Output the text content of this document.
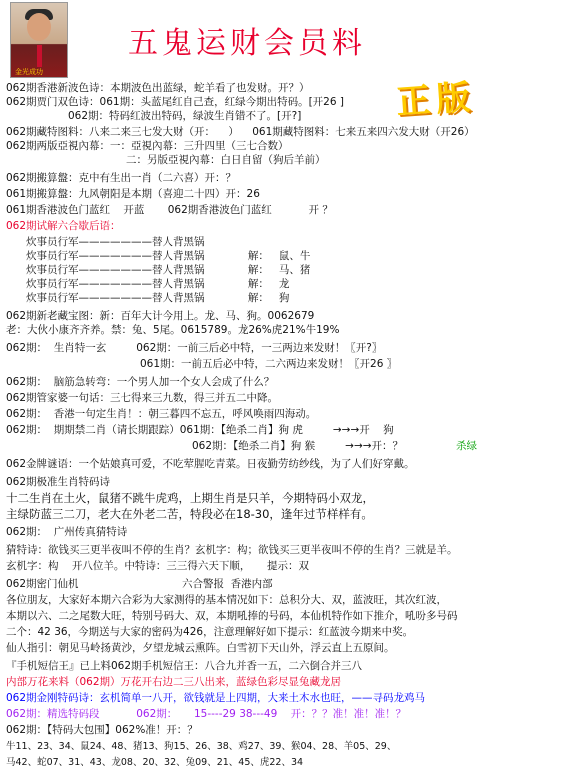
金光成功
五鬼运财会员料
正版
062期香港新波色诗：本期波色出蓝绿，蛇羊看了也发财。开？）
062期贾门双色诗：061期：头蓝尾红自己查，红绿今期出特码。[开26 ]
062期：特码红波出特码，绿波生肖错不了。[开?]
062期藏特图料：八来二来三七发大财（开：    ）    061期藏特图料：七来五来四六发大财（开26）
062期两版亞視內幕：一：亞視內幕：三升四里（三七合数）
二：另版亞視內幕：白日自留（狗后羊前）
062期搬算盤：克中有生出一肖（二六喜）开：？
061期搬算盤：九风朝阳是本期（喜迎二十四）开：26
061期香港波色门蓝红    开蓝       062期香港波色门蓝红           开 ？
062期试解六合歇后语：
炊事员行军———————替人背黑锅
炊事员行军———————替人背黑锅             解：   鼠、牛
炊事员行军———————替人背黑锅             解：   马、猪
炊事员行军———————替人背黑锅             解：   龙
炊事员行军———————替人背黑锅             解：   狗
062期新老藏宝图：新：百年大计今用上。龙、马、狗。0062679
老：大伙小康齐齐养。禁：兔、5尾。0615789。龙26%虎21%牛19%
062期：  生肖特一玄         062期：一前三后必中特，一三两边来发财！〖开?〗
061期：一前五后必中特，二六两边来发财！〖开26 〗
062期：  脑筋急转弯：一个男人加一个女人会成了什么？
062期管家婆一句话：三七得来三九数，得三并五二中降。
062期：  香港一句定生肖！：朝三暮四不忘五，呼风唤雨四海动。
062期：  期期禁二肖（请长期跟踪）061期：【绝杀二肖】狗 虎         →→→开    狗
062期：【绝杀二肖】狗 猴         →→→开：？	杀绿
062金牌谜语：一个姑娘真可爱，不吃荤腥吃青菜。日夜勤劳纺纱线，为了人们好穿戴。
062期极准生肖特码诗
十二生肖在土火，鼠猪不跳牛虎鸡，上期生肖是只羊，今期特码小双龙，
主绿防蓝三二刀，老大在外老二苦，特段必在18-30，逢年过节样样有。
062期：  广州传真猜特诗
猜特诗：欲钱买三更半夜叫不停的生肖？玄机字：构；欲钱买三更半夜叫不停的生肖？三就是羊。
玄机字：构    开八位羊。中特诗：三三得六天下顺，     提示：双
062期密门仙机                               六合警报  香港内部
各位朋友，大家好本期六合彩为大家测得的基本情况如下：总积分大、双，蓝波旺，其次红波，
本期以六、二之尾数大旺，特别号码大、双，本期吼捧的号码，本仙机特作如下推介，吼吩多号码
二个：42 36，今期送与大家的密码为426，注意理解好如下提示：红蓝波今期来中奖。
仙人指引：朝见马岭扬黄沙，夕望龙城云熏阵。白雪初下天山外，浮云直上五原间。
『手机短信王』已上料062期手机短信王：八合九并香一五，二六倒合并三八
内部万花来料（062期）万花开右边二三八出来，蓝绿色彩尽显兔藏龙居
062期金刚特码诗：玄机简单一八开，欲钱就是上四期，大来土木水也旺，——寻码龙鸡马
062期：精选特码段           062期：     15----29 38---49    开：？？准！准！准！？
062期：【特码大包围】062%准！开：？
牛11、23、34、鼠24、48、猪13、狗15、26、38、鸡27、39、猴04、28、羊05、29、
马42、蛇07、31、43、龙08、20、32、兔09、21、45、虎22、34
